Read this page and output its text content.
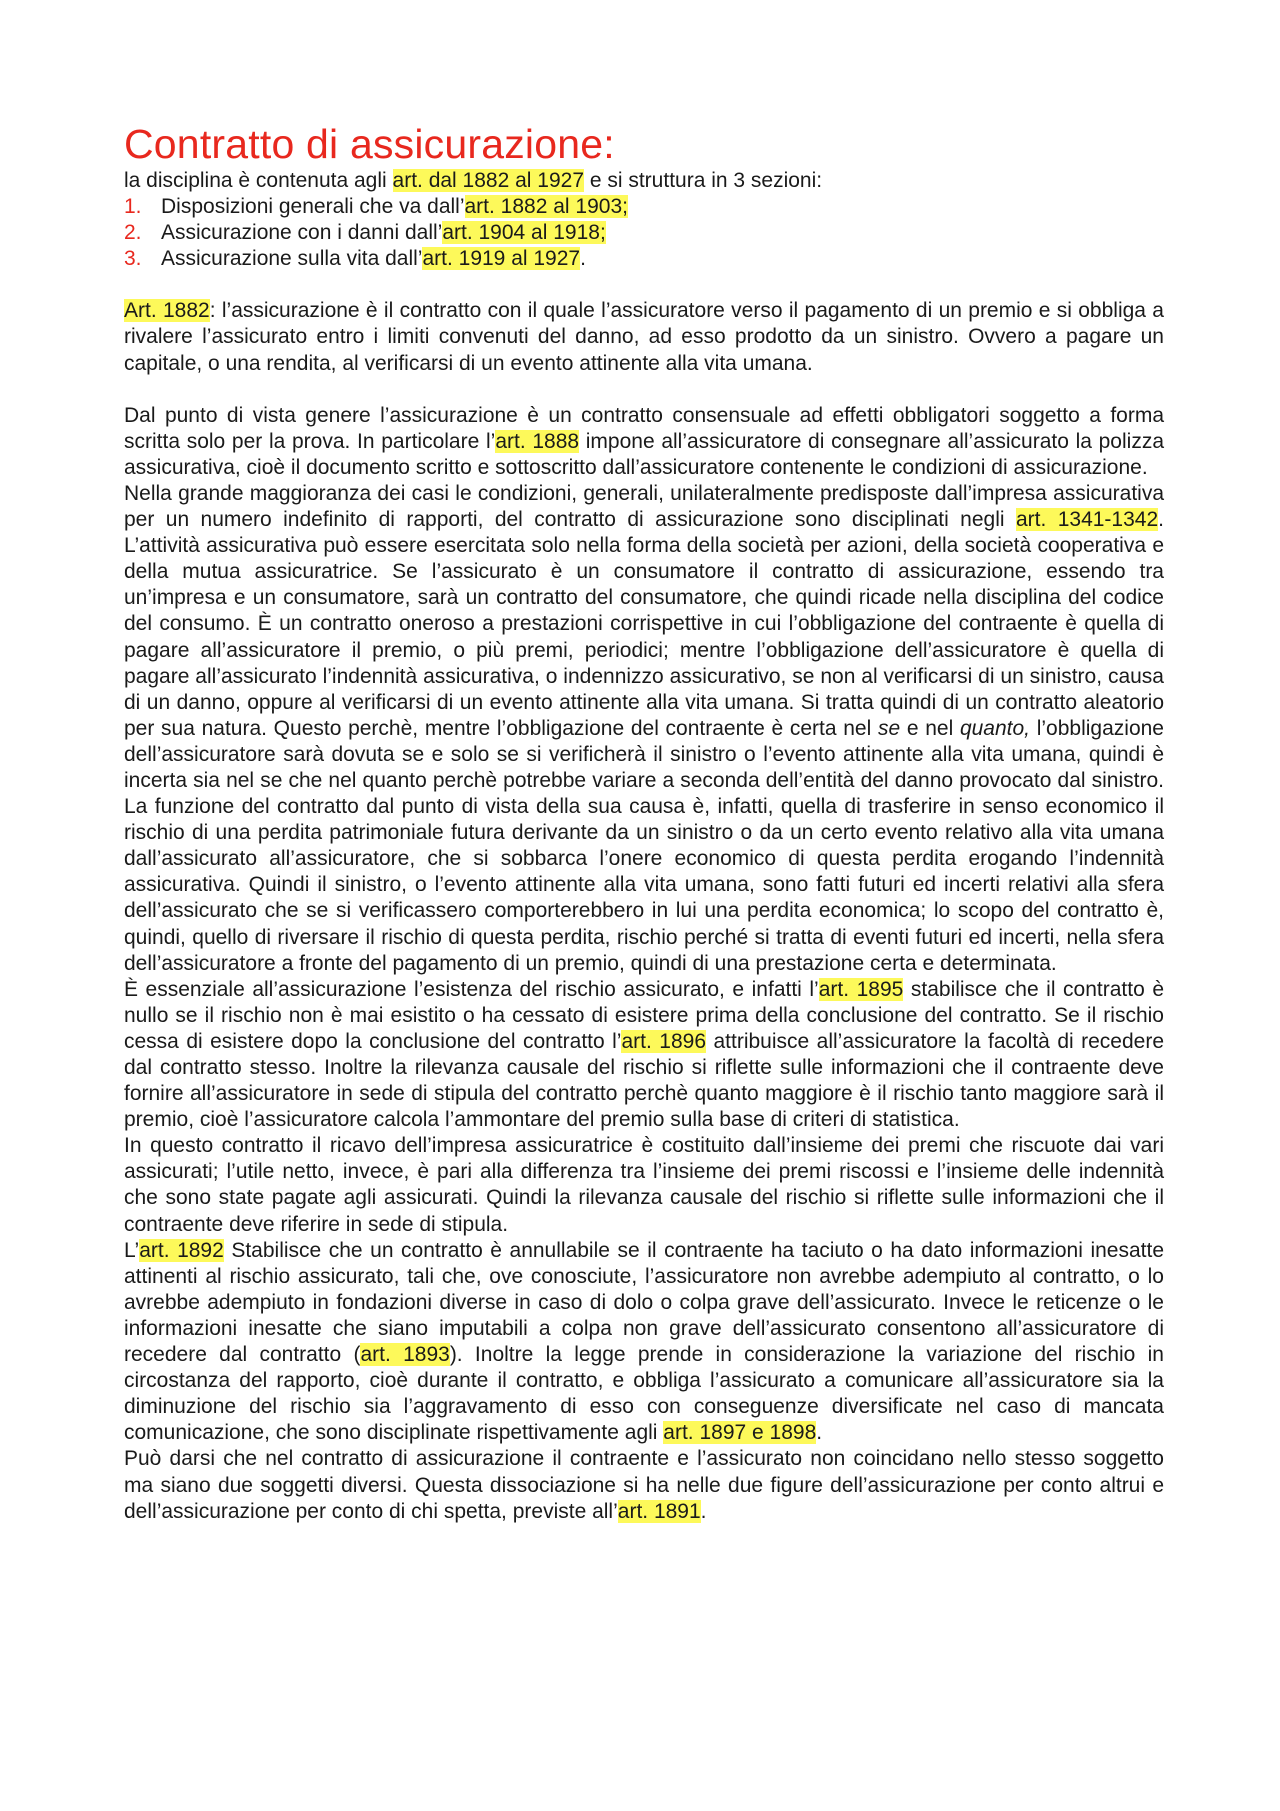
Contratto di assicurazione:

la disciplina è contenuta agli art. dal 1882 al 1927 e si struttura in 3 sezioni:

1. Disposizioni generali che va dall’art. 1882 al 1903;
2. Assicurazione con i danni dall’art. 1904 al 1918;
3. Assicurazione sulla vita dall’art. 1919 al 1927.

Art. 1882: l’assicurazione è il contratto con il quale l’assicuratore verso il pagamento di un premio e si obbliga a rivalere l’assicurato entro i limiti convenuti del danno, ad esso prodotto da un sinistro. Ovvero a pagare un capitale, o una rendita, al verificarsi di un evento attinente alla vita umana.

Dal punto di vista genere l’assicurazione è un contratto consensuale ad effetti obbligatori soggetto a forma scritta solo per la prova. In particolare l’art. 1888 impone all’assicuratore di consegnare all’assicurato la polizza assicurativa, cioè il documento scritto e sottoscritto dall’assicuratore contenente le condizioni di assicurazione.

Nella grande maggioranza dei casi le condizioni, generali, unilateralmente predisposte dall’impresa assicurativa per un numero indefinito di rapporti, del contratto di assicurazione sono disciplinati negli art. 1341-1342. L’attività assicurativa può essere esercitata solo nella forma della società per azioni, della società cooperativa e della mutua assicuratrice. Se l’assicurato è un consumatore il contratto di assicurazione, essendo tra un’impresa e un consumatore, sarà un contratto del consumatore, che quindi ricade nella disciplina del codice del consumo. È un contratto oneroso a prestazioni corrispettive in cui l’obbligazione del contraente è quella di pagare all’assicuratore il premio, o più premi, periodici; mentre l’obbligazione dell’assicuratore è quella di pagare all’assicurato l’indennità assicurativa, o indennizzo assicurativo, se non al verificarsi di un sinistro, causa di un danno, oppure al verificarsi di un evento attinente alla vita umana. Si tratta quindi di un contratto aleatorio per sua natura. Questo perchè, mentre l’obbligazione del contraente è certa nel se e nel quanto, l’obbligazione dell’assicuratore sarà dovuta se e solo se si verificherà il sinistro o l’evento attinente alla vita umana, quindi è incerta sia nel se che nel quanto perchè potrebbe variare a seconda dell’entità del danno provocato dal sinistro. La funzione del contratto dal punto di vista della sua causa è, infatti, quella di trasferire in senso economico il rischio di una perdita patrimoniale futura derivante da un sinistro o da un certo evento relativo alla vita umana dall’assicurato all’assicuratore, che si sobbarca l’onere economico di questa perdita erogando l’indennità assicurativa. Quindi il sinistro, o l’evento attinente alla vita umana, sono fatti futuri ed incerti relativi alla sfera dell’assicurato che se si verificassero comporterebbero in lui una perdita economica; lo scopo del contratto è, quindi, quello di riversare il rischio di questa perdita, rischio perché si tratta di eventi futuri ed incerti, nella sfera dell’assicuratore a fronte del pagamento di un premio, quindi di una prestazione certa e determinata.

È essenziale all’assicurazione l’esistenza del rischio assicurato, e infatti l’art. 1895 stabilisce che il contratto è nullo se il rischio non è mai esistito o ha cessato di esistere prima della conclusione del contratto. Se il rischio cessa di esistere dopo la conclusione del contratto l’art. 1896 attribuisce all’assicuratore la facoltà di recedere dal contratto stesso. Inoltre la rilevanza causale del rischio si riflette sulle informazioni che il contraente deve fornire all’assicuratore in sede di stipula del contratto perchè quanto maggiore è il rischio tanto maggiore sarà il premio, cioè l’assicuratore calcola l’ammontare del premio sulla base di criteri di statistica.

In questo contratto il ricavo dell’impresa assicuratrice è costituito dall’insieme dei premi che riscuote dai vari assicurati; l’utile netto, invece, è pari alla differenza tra l’insieme dei premi riscossi e l’insieme delle indennità che sono state pagate agli assicurati. Quindi la rilevanza causale del rischio si riflette sulle informazioni che il contraente deve riferire in sede di stipula.

L’art. 1892 Stabilisce che un contratto è annullabile se il contraente ha taciuto o ha dato informazioni inesatte attinenti al rischio assicurato, tali che, ove conosciute, l’assicuratore non avrebbe adempiuto al contratto, o lo avrebbe adempiuto in fondazioni diverse in caso di dolo o colpa grave dell’assicurato. Invece le reticenze o le informazioni inesatte che siano imputabili a colpa non grave dell’assicurato consentono all’assicuratore di recedere dal contratto (art. 1893). Inoltre la legge prende in considerazione la variazione del rischio in circostanza del rapporto, cioè durante il contratto, e obbliga l’assicurato a comunicare all’assicuratore sia la diminuzione del rischio sia l’aggravamento di esso con conseguenze diversificate nel caso di mancata comunicazione, che sono disciplinate rispettivamente agli art. 1897 e 1898.

Può darsi che nel contratto di assicurazione il contraente e l’assicurato non coincidano nello stesso soggetto ma siano due soggetti diversi. Questa dissociazione si ha nelle due figure dell’assicurazione per conto altrui e dell’assicurazione per conto di chi spetta, previste all’art. 1891.
